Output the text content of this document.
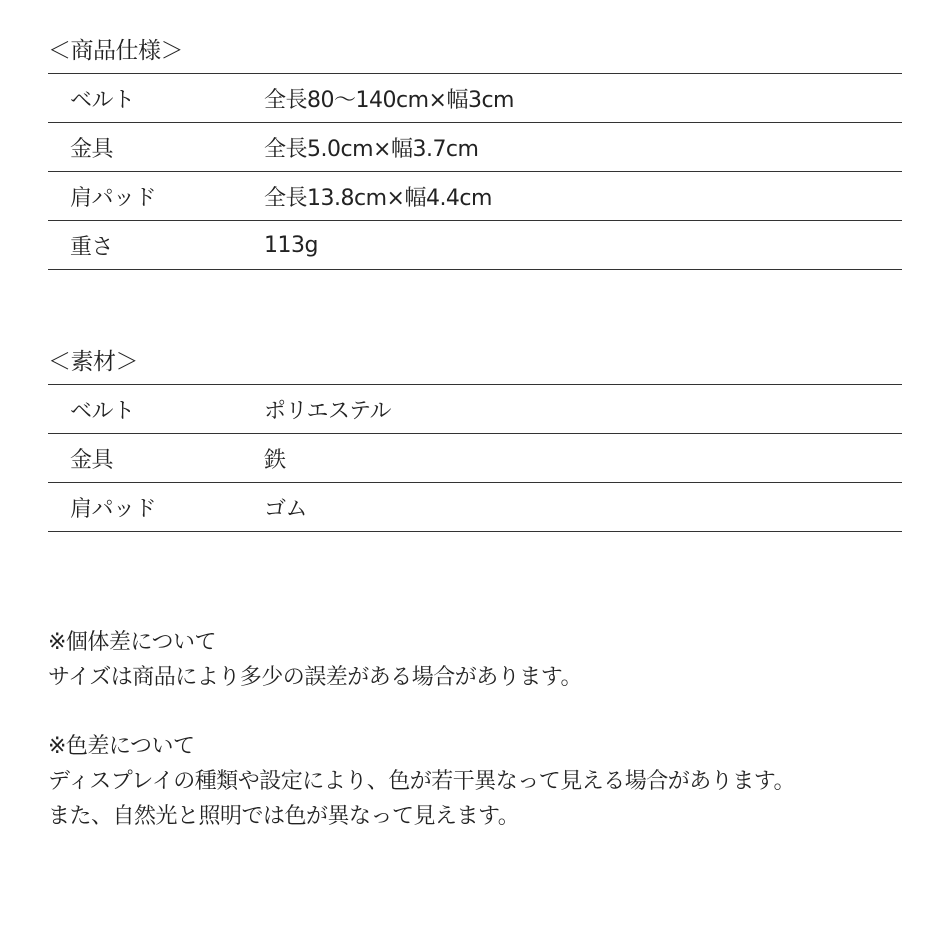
＜商品仕様＞
ベルト	全長80〜140cm×幅3cm
金具	全長5.0cm×幅3.7cm
肩パッド	全長13.8cm×幅4.4cm
重さ	113g
＜素材＞
ベルト	ポリエステル
金具	鉄
肩パッド	ゴム

※個体差について

サイズは商品により多少の誤差がある場合があります。

※色差について

ディスプレイの種類や設定により、色が若干異なって見える場合があります。

また、自然光と照明では色が異なって見えます。
